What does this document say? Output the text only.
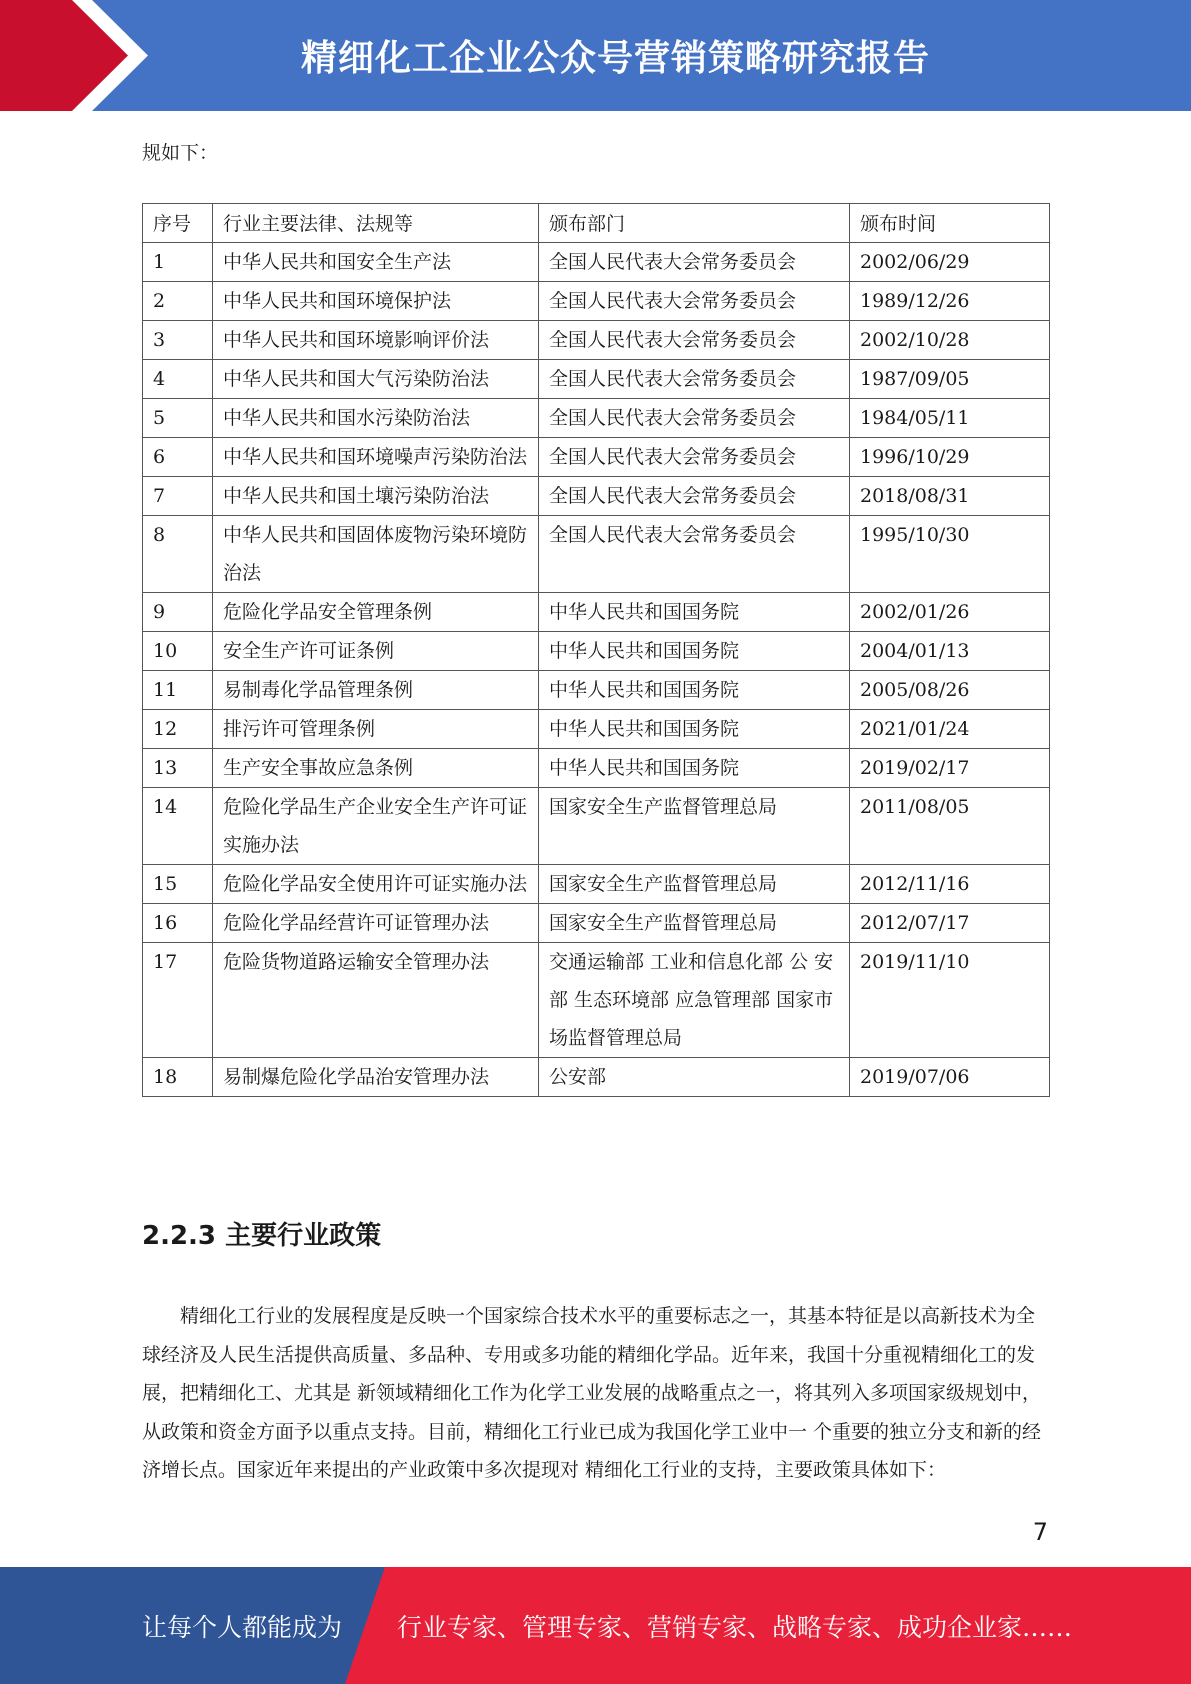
精细化工企业公众号营销策略研究报告
规如下：
序号	行业主要法律、法规等	颁布部门	颁布时间
1	中华人民共和国安全生产法	全国人民代表大会常务委员会	2002/06/29
2	中华人民共和国环境保护法	全国人民代表大会常务委员会	1989/12/26
3	中华人民共和国环境影响评价法	全国人民代表大会常务委员会	2002/10/28
4	中华人民共和国大气污染防治法	全国人民代表大会常务委员会	1987/09/05
5	中华人民共和国水污染防治法	全国人民代表大会常务委员会	1984/05/11
6	中华人民共和国环境噪声污染防治法	全国人民代表大会常务委员会	1996/10/29
7	中华人民共和国土壤污染防治法	全国人民代表大会常务委员会	2018/08/31
8	中华人民共和国固体废物污染环境防治法	全国人民代表大会常务委员会	1995/10/30
9	危险化学品安全管理条例	中华人民共和国国务院	2002/01/26
10	安全生产许可证条例	中华人民共和国国务院	2004/01/13
11	易制毒化学品管理条例	中华人民共和国国务院	2005/08/26
12	排污许可管理条例	中华人民共和国国务院	2021/01/24
13	生产安全事故应急条例	中华人民共和国国务院	2019/02/17
14	危险化学品生产企业安全生产许可证实施办法	国家安全生产监督管理总局	2011/08/05
15	危险化学品安全使用许可证实施办法	国家安全生产监督管理总局	2012/11/16
16	危险化学品经营许可证管理办法	国家安全生产监督管理总局	2012/07/17
17	危险货物道路运输安全管理办法	交通运输部 工业和信息化部 公 安部 生态环境部 应急管理部 国家市场监督管理总局	2019/11/10
18	易制爆危险化学品治安管理办法	公安部	2019/07/06
2.2.3 主要行业政策
精细化工行业的发展程度是反映一个国家综合技术水平的重要标志之一，其基本特征是以高新技术为全球经济及人民生活提供高质量、多品种、专用或多功能的精细化学品。近年来，我国十分重视精细化工的发展，把精细化工、尤其是 新领域精细化工作为化学工业发展的战略重点之一，将其列入多项国家级规划中， 从政策和资金方面予以重点支持。目前，精细化工行业已成为我国化学工业中一 个重要的独立分支和新的经济增长点。国家近年来提出的产业政策中多次提现对 精细化工行业的支持，主要政策具体如下：
7
让每个人都能成为 行业专家、管理专家、营销专家、战略专家、成功企业家……
